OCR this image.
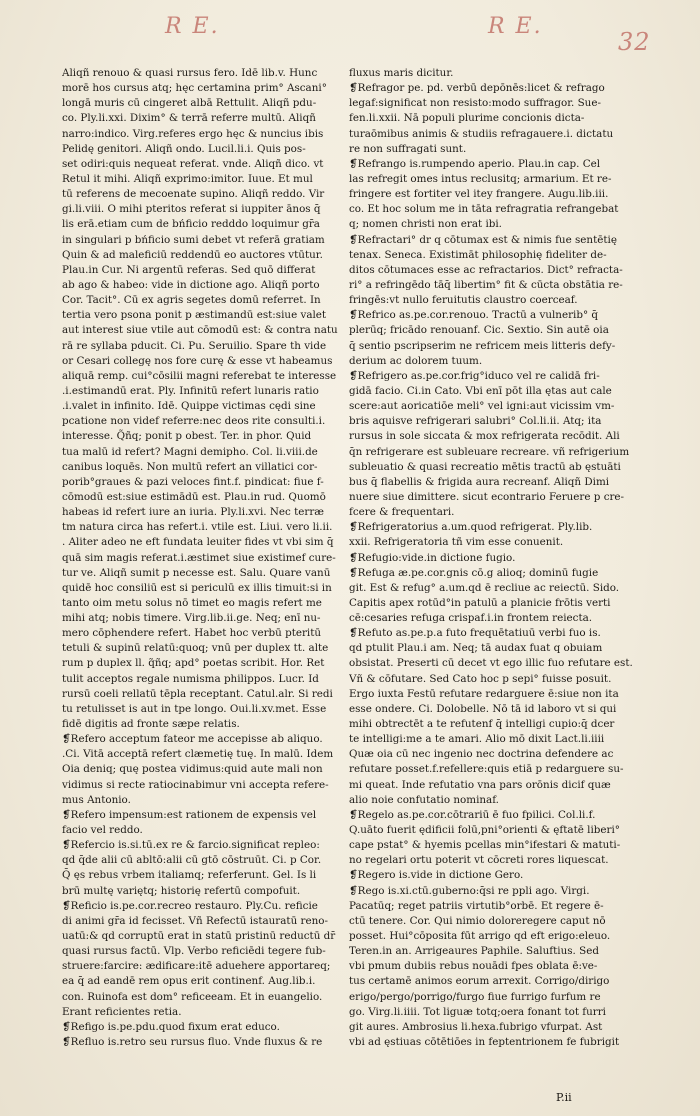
R E.	R E.
32
Aliqñ renouo & quasi rursus fero. Idē lib.v. Hunc
morē hos cursus atq; hęc certamina prim° Ascani°
longā muris cū cingeret albā Rettulit. Aliqñ pdu-
co. Ply.li.xxi. Dixim° & terrā referre multū. Aliqñ
narro:indico. Virg.referes ergo hęc & nuncius ibis
Pelidę genitori. Aliqñ ondo. Lucil.li.i. Quis pos-
set odiri:quis nequeat referat. vnde. Aliqñ dico. vt
Retul it mihi. Aliqñ exprimo:imitor. Iuue. Et mul
tū referens de mecoenate supino. Aliqñ reddo. Vir
gi.li.viii. O mihi pteritos referat si iuppiter ānos q̄
lis erā.etiam cum de bńficio redddo loquimur gr̄a
in singulari p bńficio sumi debet vt referā gratiam
Quin & ad maleficiū reddendū eo auctores vtūtur.
Plau.in Cur. Ni argentū referas. Sed quō differat
ab ago & habeo: vide in dictione ago. Aliqñ porto
Cor. Tacit°. Cū ex agris segetes domū referret. In
tertia vero psona ponit p æstimandū est:siue valet
aut interest siue vtile aut cōmodū est: & contra natu
rā re syllaba pducit. Ci. Pu. Seruilio. Spare th vide
or Cesari collegę nos fore curę & esse vt habeamus
aliquā remp. cui°cōsilii magni referebat te interesse
.i.estimandū erat. Ply. Infinitū refert lunaris ratio
.i.valet in infinito. Idē. Quippe victimas cędi sine
pcatione non videf referre:nec deos rite consulti.i.
interesse. Q̃ñq; ponit p obest. Ter. in phor. Quid
tua malū id refert? Magni demipho. Col. li.viii.de
canibus loquēs. Non multū refert an villatici cor-
porib°graues & pazi veloces fint.f. pindicat: fiue f-
cōmodū est:siue estimādū est. Plau.in rud. Quomō
habeas id refert iure an iuria. Ply.li.xvi. Nec terræ
tm natura circa has refert.i. vtile est. Liui. vero li.ii.
. Aliter adeo ne eft fundata leuiter fides vt vbi sim q̄
quā sim magis referat.i.æstimet siue existimef cure-
tur ve. Aliqñ sumit p necesse est. Salu. Quare vanū
quidē hoc consiliū est si periculū ex illis timuit:si in
tanto oim metu solus nō timet eo magis refert me
mihi atq; nobis timere. Virg.lib.ii.ge. Neq; enī nu-
mero cōphendere refert. Habet hoc verbū pteritū
tetuli & supinū relatū:quoq; vnū per duplex tt. alte
rum p duplex ll. q̃ñq; apd° poetas scribit. Hor. Ret
tulit acceptos regale numisma philippos. Lucr. Id
rursū coeli rellatū tēpla receptant. Catul.alr. Si redi
tu retulisset is aut in tpe longo. Oui.li.xv.met. Esse
fidē digitis ad fronte sæpe relatis.
❡Refero acceptum fateor me accepisse ab aliquo.
.Ci. Vitā acceptā refert clæmetię tuę. In malū. Idem
Oia deniq; quę postea vidimus:quid aute mali non
vidimus si recte ratiocinabimur vni accepta refere-
mus Antonio.
❡Refero impensum:est rationem de expensis vel
facio vel reddo.
❡Refercio is.si.tū.ex re & farcio.significat repleo:
qd q̄de alii cū abltō:alii cū gtō cōstruūt. Ci. p Cor.
Q̄ ęs rebus vrbem italiamq; referferunt. Gel. Is li
brū multę variętq; historię refertū compofuit.
❡Reficio is.pe.cor.recreo restauro. Ply.Cu. reficie
di animi gr̄a id fecisset. Vñ Refectū istauratū reno-
uatū:& qd corruptū erat in statū pristinū reductū dr̄
quasi rursus factū. Vlp. Verbo reficiēdi tegere fub-
struere:farcire: ædificare:itē aduehere apportareq;
ea q̄ ad eandē rem opus erit continenf. Aug.lib.i.
con. Ruinofa est dom° reficeeam. Et in euangelio.
Erant reficientes retia.
❡Refigo is.pe.pdu.quod fixum erat educo.
❡Refluo is.retro seu rursus fluo. Vnde fluxus & re
fluxus maris dicitur.
❡Refragor pe. pd. verbū depōnēs:licet & refrago
legaf:significat non resisto:modo suffragor. Sue-
fen.li.xxii. Nā populi plurime concionis dicta-
turaōmibus animis & studiis refragauere.i. dictatu
re non suffragati sunt.
❡Refrango is.rumpendo aperio. Plau.in cap. Cel
las refregit omes intus reclusitq; armarium. Et re-
fringere est fortiter vel itey frangere. Augu.lib.iii.
co. Et hoc solum me in tāta refragratia refrangebat
q; nomen christi non erat ibi.
❡Refractari° dr q cōtumax est & nimis fue sentētię
tenax. Seneca. Existimāt philosophię fideliter de-
ditos cōtumaces esse ac refractarios. Dict° refracta-
ri° a refringēdo tāq̄ libertim° fit & cūcta obstātia re-
fringēs:vt nullo feruitutis claustro coerceaf.
❡Refrico as.pe.cor.renouo. Tractū a vulnerib° q̄
plerūq; fricādo renouanf. Cic. Sextio. Sin autē oia
q̄ sentio pscripserim ne refricem meis litteris defy-
derium ac dolorem tuum.
❡Refrigero as.pe.cor.frig°iduco vel re calidā fri-
gidā facio. Ci.in Cato. Vbi enī pōt illa ętas aut cale
scere:aut aoricatiōe meli° vel igni:aut vicissim vm-
bris aquisve refrigerari salubri° Col.li.ii. Atq; ita
rursus in sole siccata & mox refrigerata recōdit. Ali
q̄n refrigerare est subleuare recreare. vñ refrigerium
subleuatio & quasi recreatio mētis tractū ab ęstuāti
bus q̄ flabellis & frigida aura recreanf. Aliqñ Dimi
nuere siue dimittere. sicut econtrario Feruere p cre-
fcere & frequentari.
❡Refrigeratorius a.um.quod refrigerat. Ply.lib.
xxii. Refrigeratoria tñ vim esse conuenit.
❡Refugio:vide.in dictione fugio.
❡Refuga æ.pe.cor.gnis cō.g alioq; dominū fugie
git. Est & refug° a.um.qd ē recliue ac reiectū. Sido.
Capitis apex rotūd°in patulū a planicie frōtis verti
cē:cesaries refuga crispaf.i.in frontem reiecta.
❡Refuto as.pe.p.a futo frequētatiuū verbi fuo is.
qd ptulit Plau.i am. Neq; tā audax fuat q obuiam
obsistat. Preserti cū decet vt ego illic fuo refutare est.
Vñ & cōfutare. Sed Cato hoc p sepi° fuisse posuit.
Ergo iuxta Festū refutare redarguere ē:siue non ita
esse ondere. Ci. Dolobelle. Nō tā id laboro vt si qui
mihi obtrectēt a te refutenf q̄ intelligi cupio:q̄ dcer
te intelligi:me a te amari. Alio mō dixit Lact.li.iiii
Quæ oia cū nec ingenio nec doctrina defendere ac
refutare posset.f.refellere:quis etiā p redarguere su-
mi queat. Inde refutatio vna pars orōnis dicif quæ
alio noie confutatio nominaf.
❡Regelo as.pe.cor.cōtrariū ē fuo fpilici. Col.li.f.
Q.uāto fuerit ędificii folū,pni°orienti & ęftatē liberi°
cape pstat° & hyemis pcellas min°ifestari & matuti-
no regelari ortu poterit vt cōcreti rores liquescat.
❡Regero is.vide in dictione Gero.
❡Rego is.xi.ctū.guberno:q̄si re ppli ago. Virgi.
Pacatūq; reget patriis virtutib°orbē. Et regere ē-
ctū tenere. Cor. Qui nimio doloreregere caput nō
posset. Hui°cōposita fūt arrigo qd eft erigo:eleuo.
Teren.in an. Arrigeaures Paphile. Saluftius. Sed
vbi pmum dubiis rebus nouādi fpes oblata ē:ve-
tus certamē animos eorum arrexit. Corrigo/dirigo
erigo/pergo/porrigo/furgo fiue furrigo furfum re
go. Virg.li.iiii. Tot liguæ totq;oera fonant tot furri
git aures. Ambrosius li.hexa.fubrigo vfurpat. Ast
vbi ad ęstiuas cōtētiōes in feptentrionem fe fubrigit
P.ii
